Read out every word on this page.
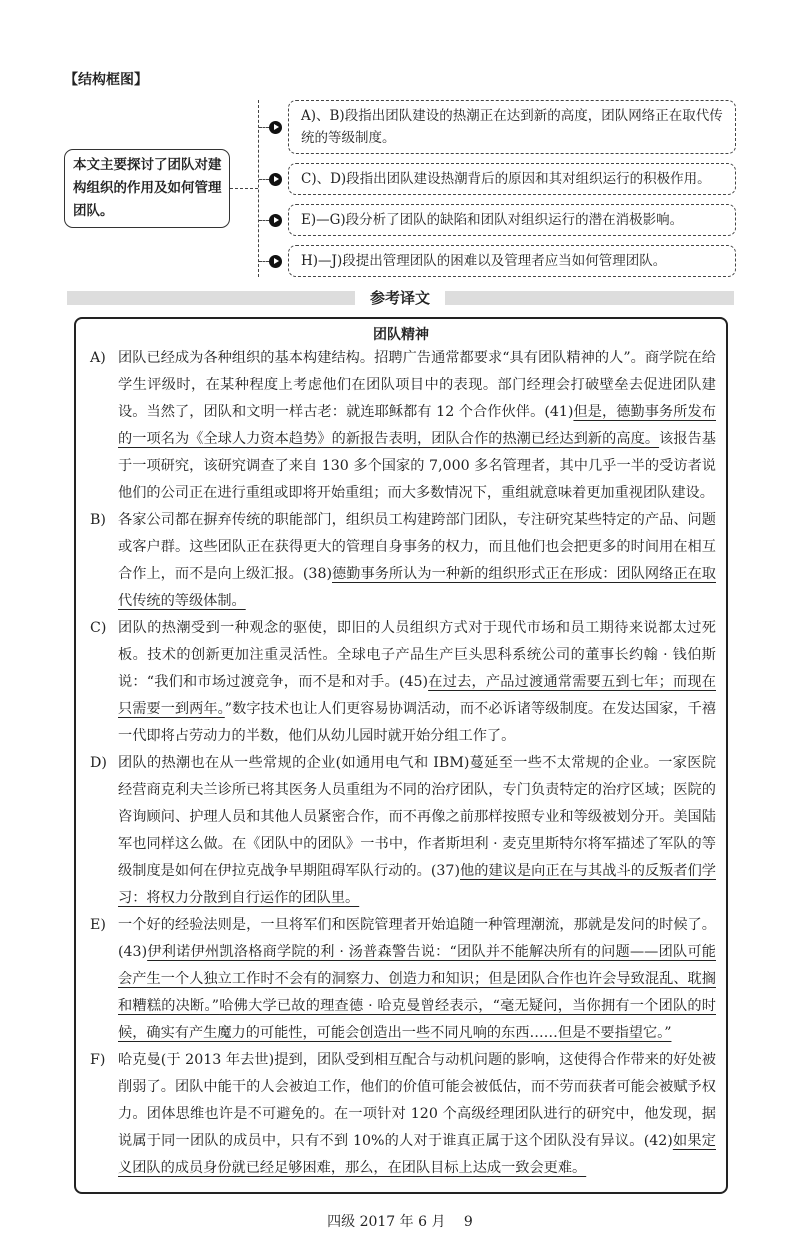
【结构框图】
本文主要探讨了团队对建构组织的作用及如何管理团队。
A)、B)段指出团队建设的热潮正在达到新的高度，团队网络正在取代传统的等级制度。
C)、D)段指出团队建设热潮背后的原因和其对组织运行的积极作用。
E)—G)段分析了团队的缺陷和团队对组织运行的潜在消极影响。
H)—J)段提出管理团队的困难以及管理者应当如何管理团队。
参考译文
团队精神
A) 团队已经成为各种组织的基本构建结构。招聘广告通常都要求“具有团队精神的人”。商学院在给学生评级时，在某种程度上考虑他们在团队项目中的表现。部门经理会打破壁垒去促进团队建设。当然了，团队和文明一样古老：就连耶稣都有 12 个合作伙伴。(41)但是，德勤事务所发布的一项名为《全球人力资本趋势》的新报告表明，团队合作的热潮已经达到新的高度。该报告基于一项研究，该研究调查了来自 130 多个国家的 7,000 多名管理者，其中几乎一半的受访者说他们的公司正在进行重组或即将开始重组；而大多数情况下，重组就意味着更加重视团队建设。
B) 各家公司都在摒弃传统的职能部门，组织员工构建跨部门团队，专注研究某些特定的产品、问题或客户群。这些团队正在获得更大的管理自身事务的权力，而且他们也会把更多的时间用在相互合作上，而不是向上级汇报。(38)德勤事务所认为一种新的组织形式正在形成：团队网络正在取代传统的等级体制。
C) 团队的热潮受到一种观念的驱使，即旧的人员组织方式对于现代市场和员工期待来说都太过死板。技术的创新更加注重灵活性。全球电子产品生产巨头思科系统公司的董事长约翰 · 钱伯斯说：“我们和市场过渡竞争，而不是和对手。(45)在过去，产品过渡通常需要五到七年；而现在只需要一到两年。”数字技术也让人们更容易协调活动，而不必诉诸等级制度。在发达国家，千禧一代即将占劳动力的半数，他们从幼儿园时就开始分组工作了。
D) 团队的热潮也在从一些常规的企业(如通用电气和 IBM)蔓延至一些不太常规的企业。一家医院经营商克利夫兰诊所已将其医务人员重组为不同的治疗团队，专门负责特定的治疗区域；医院的咨询顾问、护理人员和其他人员紧密合作，而不再像之前那样按照专业和等级被划分开。美国陆军也同样这么做。在《团队中的团队》一书中，作者斯坦利 · 麦克里斯特尔将军描述了军队的等级制度是如何在伊拉克战争早期阻碍军队行动的。(37)他的建议是向正在与其战斗的反叛者们学习：将权力分散到自行运作的团队里。
E) 一个好的经验法则是，一旦将军们和医院管理者开始追随一种管理潮流，那就是发问的时候了。(43)伊利诺伊州凯洛格商学院的利 · 汤普森警告说：“团队并不能解决所有的问题——团队可能会产生一个人独立工作时不会有的洞察力、创造力和知识；但是团队合作也许会导致混乱、耽搁和糟糕的决断。”哈佛大学已故的理查德 · 哈克曼曾经表示，“毫无疑问，当你拥有一个团队的时候，确实有产生魔力的可能性，可能会创造出一些不同凡响的东西……但是不要指望它。”
F) 哈克曼(于 2013 年去世)提到，团队受到相互配合与动机问题的影响，这使得合作带来的好处被削弱了。团队中能干的人会被迫工作，他们的价值可能会被低估，而不劳而获者可能会被赋予权力。团体思维也许是不可避免的。在一项针对 120 个高级经理团队进行的研究中，他发现，据说属于同一团队的成员中，只有不到 10%的人对于谁真正属于这个团队没有异议。(42)如果定义团队的成员身份就已经足够困难，那么，在团队目标上达成一致会更难。
四级 2017 年 6 月　 9
